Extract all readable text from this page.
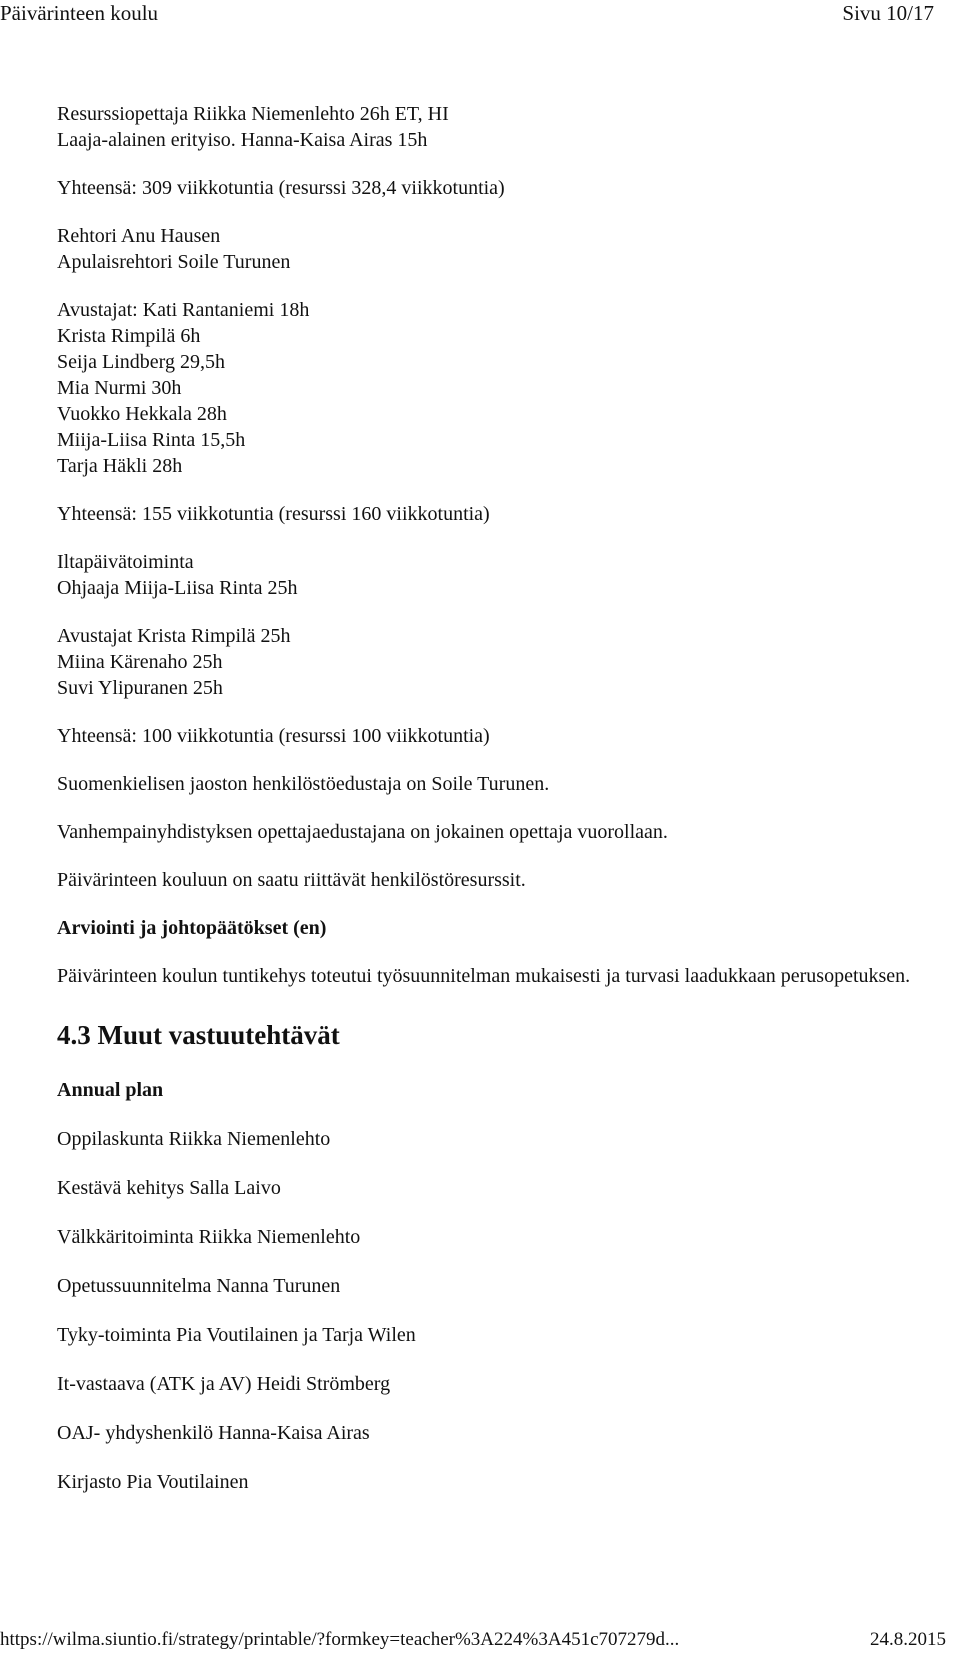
Päivärinteen koulu	Sivu 10/17

Resurssiopettaja Riikka Niemenlehto 26h ET, HI

Laaja-alainen erityiso. Hanna-Kaisa Airas 15h

Yhteensä: 309 viikkotuntia (resurssi 328,4 viikkotuntia)

Rehtori Anu Hausen

Apulaisrehtori Soile Turunen

Avustajat: Kati Rantaniemi 18h

Krista Rimpilä 6h

Seija Lindberg 29,5h

Mia Nurmi 30h

Vuokko Hekkala 28h

Miija-Liisa Rinta 15,5h

Tarja Häkli 28h

Yhteensä: 155 viikkotuntia (resurssi 160 viikkotuntia)

Iltapäivätoiminta

Ohjaaja Miija-Liisa Rinta 25h

Avustajat Krista Rimpilä 25h

Miina Kärenaho 25h

Suvi Ylipuranen 25h

Yhteensä: 100 viikkotuntia (resurssi 100 viikkotuntia)

Suomenkielisen jaoston henkilöstöedustaja on Soile Turunen.

Vanhempainyhdistyksen opettajaedustajana on jokainen opettaja vuorollaan.

Päivärinteen kouluun on saatu riittävät henkilöstöresurssit.

Arviointi ja johtopäätökset (en)

Päivärinteen koulun tuntikehys toteutui työsuunnitelman mukaisesti ja turvasi laadukkaan perusopetuksen.

4.3 Muut vastuutehtävät

Annual plan

Oppilaskunta Riikka Niemenlehto

Kestävä kehitys Salla Laivo

Välkkäritoiminta Riikka Niemenlehto

Opetussuunnitelma Nanna Turunen

Tyky-toiminta Pia Voutilainen ja Tarja Wilen

It-vastaava (ATK ja AV) Heidi Strömberg

OAJ- yhdyshenkilö Hanna-Kaisa Airas

Kirjasto Pia Voutilainen

https://wilma.siuntio.fi/strategy/printable/?formkey=teacher%3A224%3A451c707279d...	24.8.2015
